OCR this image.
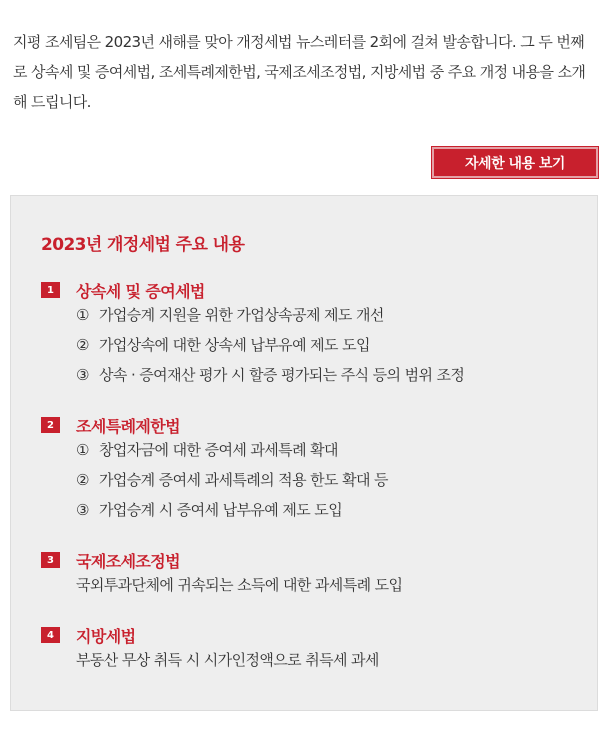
지평 조세팀은 2023년 새해를 맞아 개정세법 뉴스레터를 2회에 걸쳐 발송합니다. 그 두 번째로 상속세 및 증여세법, 조세특례제한법, 국제조세조정법, 지방세법 중 주요 개정 내용을 소개해 드립니다.

자세한 내용 보기
2023년 개정세법 주요 내용
1	상속세 및 증여세법
① 가업승계 지원을 위한 가업상속공제 제도 개선
② 가업상속에 대한 상속세 납부유예 제도 도입
③ 상속 · 증여재산 평가 시 할증 평가되는 주식 등의 범위 조정
2	조세특례제한법
① 창업자금에 대한 증여세 과세특례 확대
② 가업승계 증여세 과세특례의 적용 한도 확대 등
③ 가업승계 시 증여세 납부유예 제도 도입
3	국제조세조정법
국외투과단체에 귀속되는 소득에 대한 과세특례 도입
4	지방세법
부동산 무상 취득 시 시가인정액으로 취득세 과세
